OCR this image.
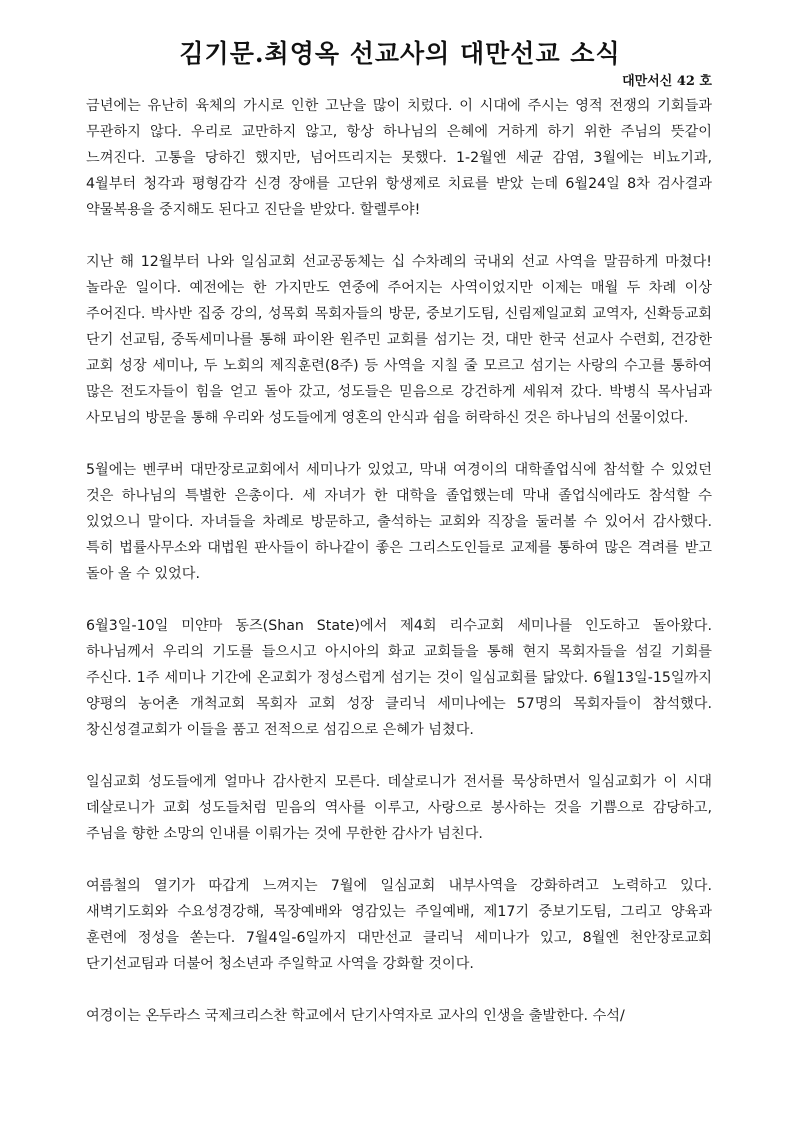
김기문.최영옥 선교사의 대만선교 소식
대만서신 42 호

금년에는 유난히 육체의 가시로 인한 고난을 많이 치렀다. 이 시대에 주시는 영적 전쟁의 기회들과 무관하지 않다. 우리로 교만하지 않고, 항상 하나님의 은혜에 거하게 하기 위한 주님의 뜻같이 느껴진다. 고통을 당하긴 했지만, 넘어뜨리지는 못했다. 1-2월엔 세균 감염, 3월에는 비뇨기과, 4월부터 청각과 평형감각 신경 장애를 고단위 항생제로 치료를 받았 는데 6월24일 8차 검사결과 약물복용을 중지해도 된다고 진단을 받았다. 할렐루야!

지난 해 12월부터 나와 일심교회 선교공동체는 십 수차례의 국내외 선교 사역을 말끔하게 마쳤다! 놀라운 일이다. 예전에는 한 가지만도 연중에 주어지는 사역이었지만 이제는 매월 두 차례 이상 주어진다. 박사반 집중 강의, 성목회 목회자들의 방문, 중보기도팀, 신림제일교회 교역자, 신확등교회 단기 선교팀, 중독세미나를 통해 파이완 원주민 교회를 섬기는 것, 대만 한국 선교사 수련회, 건강한 교회 성장 세미나, 두 노회의 제직훈련(8주) 등 사역을 지칠 줄 모르고 섬기는 사랑의 수고를 통하여 많은 전도자들이 힘을 얻고 돌아 갔고, 성도들은 믿음으로 강건하게 세워져 갔다. 박병식 목사님과 사모님의 방문을 통해 우리와 성도들에게 영혼의 안식과 쉼을 허락하신 것은 하나님의 선물이었다.

5월에는 벤쿠버 대만장로교회에서 세미나가 있었고, 막내 여경이의 대학졸업식에 참석할 수 있었던 것은 하나님의 특별한 은총이다. 세 자녀가 한 대학을 졸업했는데 막내 졸업식에라도 참석할 수 있었으니 말이다. 자녀들을 차례로 방문하고, 출석하는 교회와 직장을 둘러볼 수 있어서 감사했다. 특히 법률사무소와 대법원 판사들이 하나같이 좋은 그리스도인들로 교제를 통하여 많은 격려를 받고 돌아 올 수 있었다.

6월3일-10일 미얀마 동즈(Shan State)에서 제4회 리수교회 세미나를 인도하고 돌아왔다. 하나님께서 우리의 기도를 들으시고 아시아의 화교 교회들을 통해 현지 목회자들을 섬길 기회를 주신다. 1주 세미나 기간에 온교회가 정성스럽게 섬기는 것이 일심교회를 닮았다. 6월13일-15일까지 양평의 농어촌 개척교회 목회자 교회 성장 클리닉 세미나에는 57명의 목회자들이 참석했다. 창신성결교회가 이들을 품고 전적으로 섬김으로 은혜가 넘쳤다.

일심교회 성도들에게 얼마나 감사한지 모른다. 데살로니가 전서를 묵상하면서 일심교회가 이 시대 데살로니가 교회 성도들처럼 믿음의 역사를 이루고, 사랑으로 봉사하는 것을 기쁨으로 감당하고, 주님을 향한 소망의 인내를 이뤄가는 것에 무한한 감사가 넘친다.

여름철의 열기가 따갑게 느껴지는 7월에 일심교회 내부사역을 강화하려고 노력하고 있다. 새벽기도회와 수요성경강해, 목장예배와 영감있는 주일예배, 제17기 중보기도팀, 그리고 양육과 훈련에 정성을 쏟는다. 7월4일-6일까지 대만선교 클리닉 세미나가 있고, 8월엔 천안장로교회 단기선교팀과 더불어 청소년과 주일학교 사역을 강화할 것이다.

여경이는 온두라스 국제크리스찬 학교에서 단기사역자로 교사의 인생을 출발한다. 수석/
